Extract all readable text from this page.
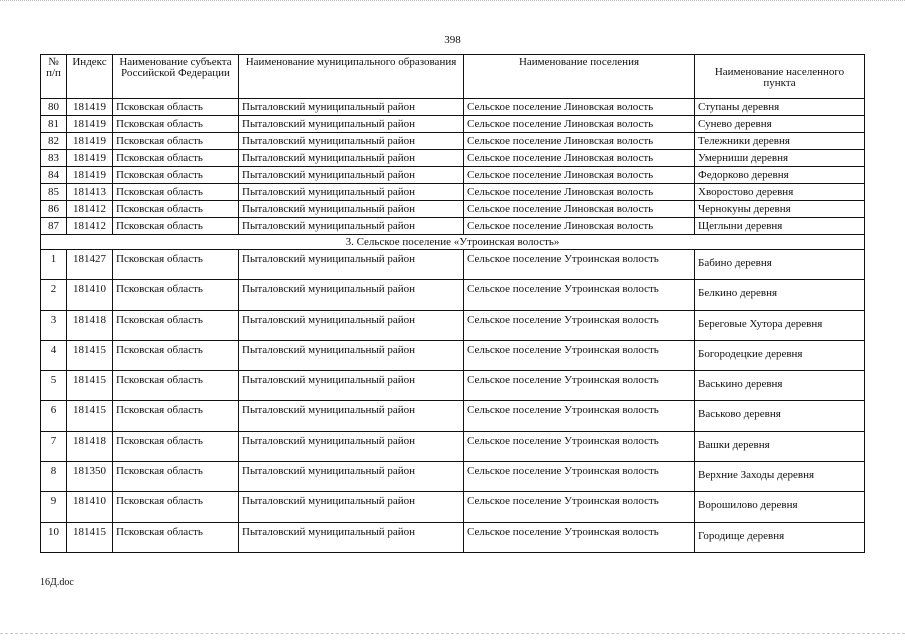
398
№ п/п	Индекс	Наименование субъекта Российской Федерации	Наименование муниципального образования	Наименование поселения	Наименование населенного пункта
80	181419	Псковская область	Пыталовский муниципальный район	Сельское поселение Линовская волость	Ступаны деревня
81	181419	Псковская область	Пыталовский муниципальный район	Сельское поселение Линовская волость	Сунево деревня
82	181419	Псковская область	Пыталовский муниципальный район	Сельское поселение Линовская волость	Тележники деревня
83	181419	Псковская область	Пыталовский муниципальный район	Сельское поселение Линовская волость	Умерниши деревня
84	181419	Псковская область	Пыталовский муниципальный район	Сельское поселение Линовская волость	Федорково деревня
85	181413	Псковская область	Пыталовский муниципальный район	Сельское поселение Линовская волость	Хворостово деревня
86	181412	Псковская область	Пыталовский муниципальный район	Сельское поселение Линовская волость	Чернокуны деревня
87	181412	Псковская область	Пыталовский муниципальный район	Сельское поселение Линовская волость	Щеглыни деревня
3. Сельское поселение «Утроинская волость»					
1	181427	Псковская область	Пыталовский муниципальный район	Сельское поселение Утроинская волость	Бабино деревня
2	181410	Псковская область	Пыталовский муниципальный район	Сельское поселение Утроинская волость	Белкино деревня
3	181418	Псковская область	Пыталовский муниципальный район	Сельское поселение Утроинская волость	Береговые Хутора деревня
4	181415	Псковская область	Пыталовский муниципальный район	Сельское поселение Утроинская волость	Богородецкие деревня
5	181415	Псковская область	Пыталовский муниципальный район	Сельское поселение Утроинская волость	Васькино деревня
6	181415	Псковская область	Пыталовский муниципальный район	Сельское поселение Утроинская волость	Васьково деревня
7	181418	Псковская область	Пыталовский муниципальный район	Сельское поселение Утроинская волость	Вашки деревня
8	181350	Псковская область	Пыталовский муниципальный район	Сельское поселение Утроинская волость	Верхние Заходы деревня
9	181410	Псковская область	Пыталовский муниципальный район	Сельское поселение Утроинская волость	Ворошилово деревня
10	181415	Псковская область	Пыталовский муниципальный район	Сельское поселение Утроинская волость	Городище деревня
16Д.doc
